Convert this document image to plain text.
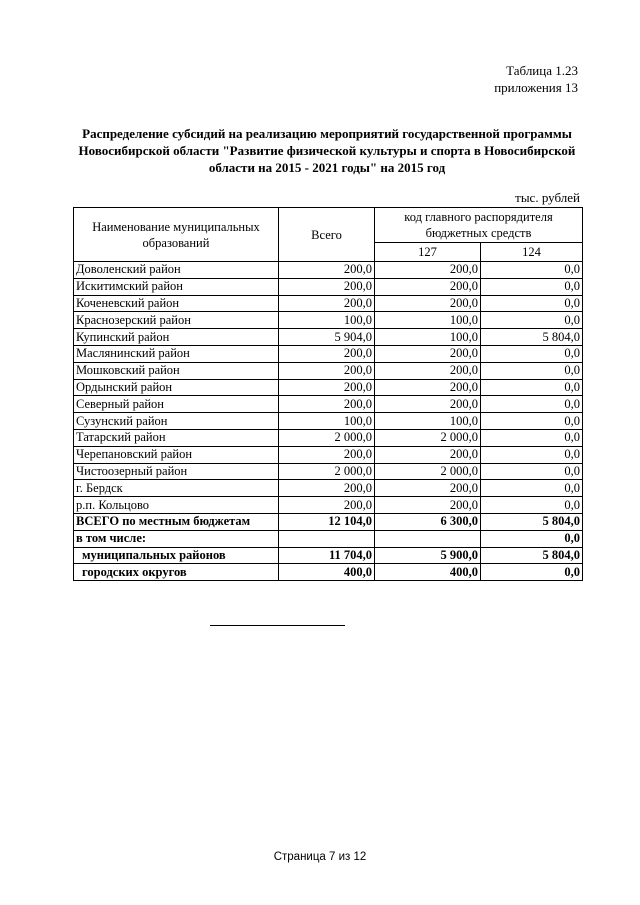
Таблица 1.23
приложения 13
Распределение субсидий на реализацию мероприятий государственной программы
Новосибирской области "Развитие физической культуры и спорта в Новосибирской
области на 2015 - 2021 годы" на 2015 год
тыс. рублей
Наименование муниципальных образований	Всего	код главного распорядителя бюджетных средств	
		127	124
Доволенский район	200,0	200,0	0,0
Искитимский район	200,0	200,0	0,0
Коченевский район	200,0	200,0	0,0
Краснозерский район	100,0	100,0	0,0
Купинский район	5 904,0	100,0	5 804,0
Маслянинский район	200,0	200,0	0,0
Мошковский район	200,0	200,0	0,0
Ордынский район	200,0	200,0	0,0
Северный район	200,0	200,0	0,0
Сузунский район	100,0	100,0	0,0
Татарский район	2 000,0	2 000,0	0,0
Черепановский район	200,0	200,0	0,0
Чистоозерный район	2 000,0	2 000,0	0,0
г. Бердск	200,0	200,0	0,0
р.п. Кольцово	200,0	200,0	0,0
ВСЕГО по местным бюджетам	12 104,0	6 300,0	5 804,0
в том числе:			0,0
муниципальных районов	11 704,0	5 900,0	5 804,0
городских округов	400,0	400,0	0,0
Страница 7 из 12
